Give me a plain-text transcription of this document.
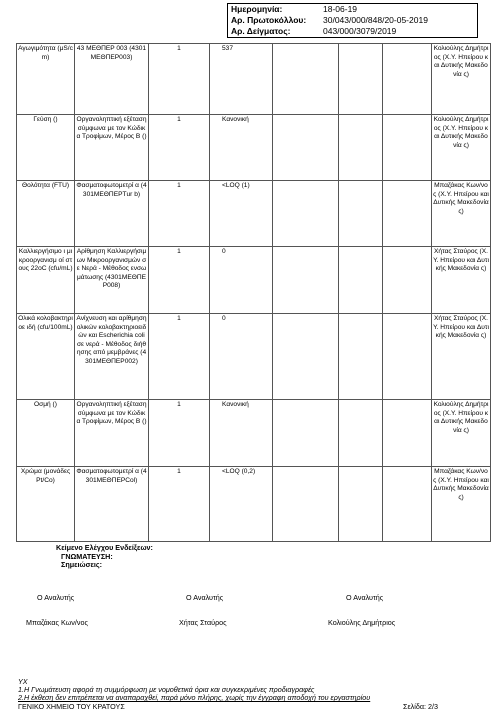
Ημερομηνία:	18-06-19
Αρ. Πρωτοκόλλου:	30/043/000/848/20-05-2019
Αρ. Δείγματος:	043/000/3079/2019
Αγωγιμότητα (μS/cm)	43 ΜΕΘΠΕΡ 003 (4301ΜΕΘΠΕΡ003)	1	537				Κολιούλης Δημήτριος (Χ.Υ. Ηπείρου και Δυτικής Μακεδονία ς)
Γεύση ()	Οργανοληπτική εξέταση σύμφωνα με τον Κώδικα Τροφίμων, Μέρος Β ()	1	Κανονική				Κολιούλης Δημήτριος (Χ.Υ. Ηπείρου και Δυτικής Μακεδονία ς)
Θολότητα (FTU)	Φασματοφωτομετρί α (4301ΜΕΘΠΕΡΤur b)	1	<LOQ (1)				Μπαζάκας Κων/νος (Χ.Υ. Ηπείρου και Δυτικής Μακεδονία ς)
Καλλιεργήσιμο ι μικροοργανισμ οί στους 22οC (cfu/mL)	Αρίθμηση Καλλιεργήσιμων Μικροοργανισμών σε Νερά - Μέθοδος ενσωμάτωσης (4301ΜΕΘΠΕΡ008)	1	0				Χήτας Σταύρος (Χ.Υ. Ηπείρου και Δυτικής Μακεδονία ς)
Ολικά κολοβακτηριοε ιδή (cfu/100mL)	Ανίχνευση και αρίθμηση ολικών κολοβακτηριοειδών και Escherichia coli σε νερά - Μέθοδος διήθησης από μεμβράνες (4301ΜΕΘΠΕΡ002)	1	0				Χήτας Σταύρος (Χ.Υ. Ηπείρου και Δυτικής Μακεδονία ς)
Οσμή ()	Οργανοληπτική εξέταση σύμφωνα με τον Κώδικα Τροφίμων, Μέρος Β ()	1	Κανονική				Κολιούλης Δημήτριος (Χ.Υ. Ηπείρου και Δυτικής Μακεδονία ς)
Χρώμα (μονάδες Pt/Co)	Φασματοφωτομετρί α (4301ΜΕΘΠΕΡCol)	1	<LOQ (0,2)				Μπαζάκας Κων/νος (Χ.Υ. Ηπείρου και Δυτικής Μακεδονία ς)
Κείμενο Ελέγχου Ενδείξεων:
ΓΝΩΜΑΤΕΥΣΗ:
Σημειώσεις:
Ο Αναλυτής	Ο Αναλυτής	Ο Αναλυτής
Μπαζάκας Κων/νος	Χήτας Σταύρος	Κολιούλης Δημήτριος
ΥΧ
1.Η Γνωμάτευση αφορά τη συμμόρφωση με νομοθετικά όρια και συγκεκριμένες προδιαγραφές
2.Η έκθεση δεν επιτρέπεται να αναπαραχθεί, παρά μόνο πλήρης, χωρίς την έγγραφη αποδοχή του εργαστηρίου
ΓΕΝΙΚΟ ΧΗΜΕΙΟ ΤΟΥ ΚΡΑΤΟΥΣ	Σελίδα: 2/3
